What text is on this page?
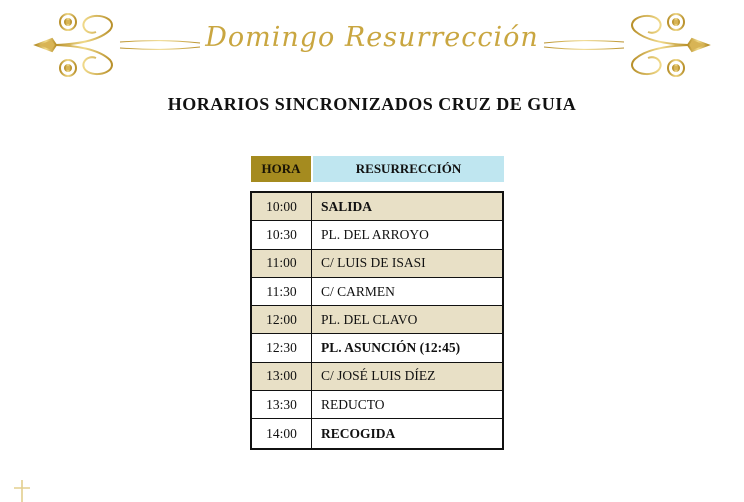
Domingo Resurrección
HORARIOS SINCRONIZADOS CRUZ DE GUIA
HORA	RESURRECCIÓN
10:00	SALIDA
10:30	PL. DEL ARROYO
11:00	C/ LUIS DE ISASI
11:30	C/ CARMEN
12:00	PL. DEL CLAVO
12:30	PL. ASUNCIÓN (12:45)
13:00	C/ JOSÉ LUIS DÍEZ
13:30	REDUCTO
14:00	RECOGIDA
